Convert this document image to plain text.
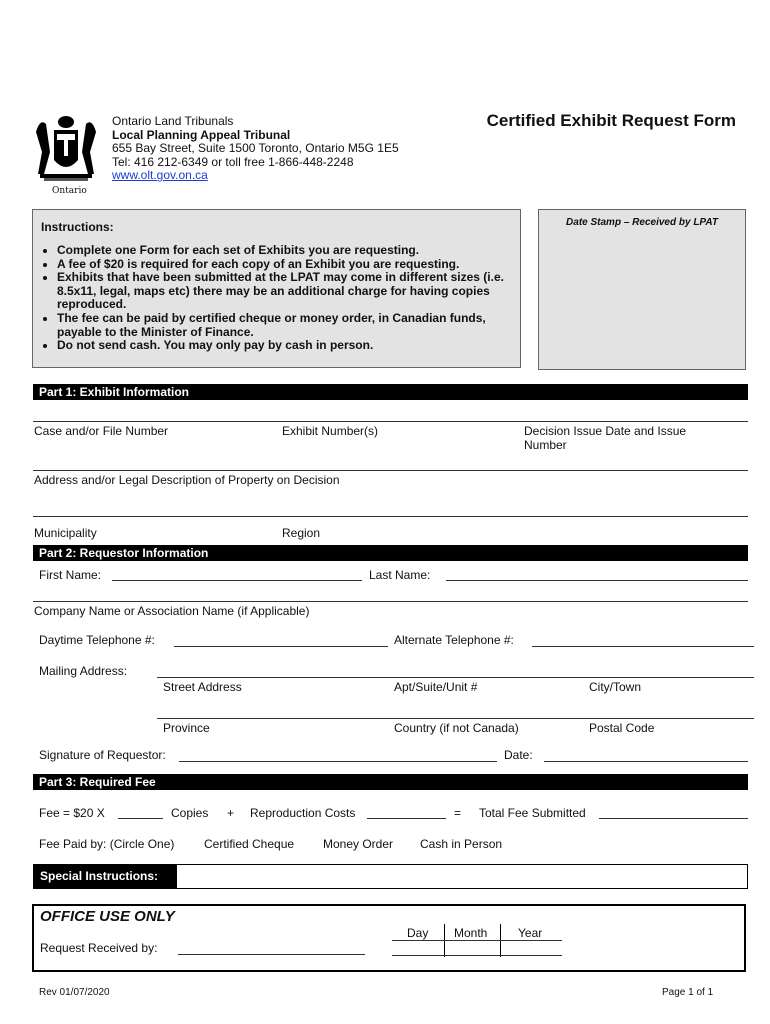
Ontario
Ontario Land Tribunals
Local Planning Appeal Tribunal
655 Bay Street, Suite 1500 Toronto, Ontario M5G 1E5
Tel: 416 212-6349 or toll free 1-866-448-2248
www.olt.gov.on.ca
Certified Exhibit Request Form
Instructions:
• Complete one Form for each set of Exhibits you are requesting.
• A fee of $20 is required for each copy of an Exhibit you are requesting.
• Exhibits that have been submitted at the LPAT may come in different sizes (i.e. 8.5x11, legal, maps etc) there may be an additional charge for having copies reproduced.
• The fee can be paid by certified cheque or money order, in Canadian funds, payable to the Minister of Finance.
• Do not send cash. You may only pay by cash in person.
Date Stamp – Received by LPAT
Part 1: Exhibit Information
Case and/or File Number	Exhibit Number(s)	Decision Issue Date and Issue Number
Address and/or Legal Description of Property on Decision
Municipality	Region
Part 2: Requestor Information
First Name:	Last Name:
Company Name or Association Name (if Applicable)
Daytime Telephone #:	Alternate Telephone #:
Mailing Address:
Street Address	Apt/Suite/Unit #	City/Town
Province	Country (if not Canada)	Postal Code
Signature of Requestor:	Date:
Part 3: Required Fee
Fee = $20 X	Copies + Reproduction Costs	= Total Fee Submitted
Fee Paid by: (Circle One) Certified Cheque Money Order Cash in Person
Special Instructions:
OFFICE USE ONLY
Request Received by:
Day Month	Year
Rev 01/07/2020	Page 1 of 1
